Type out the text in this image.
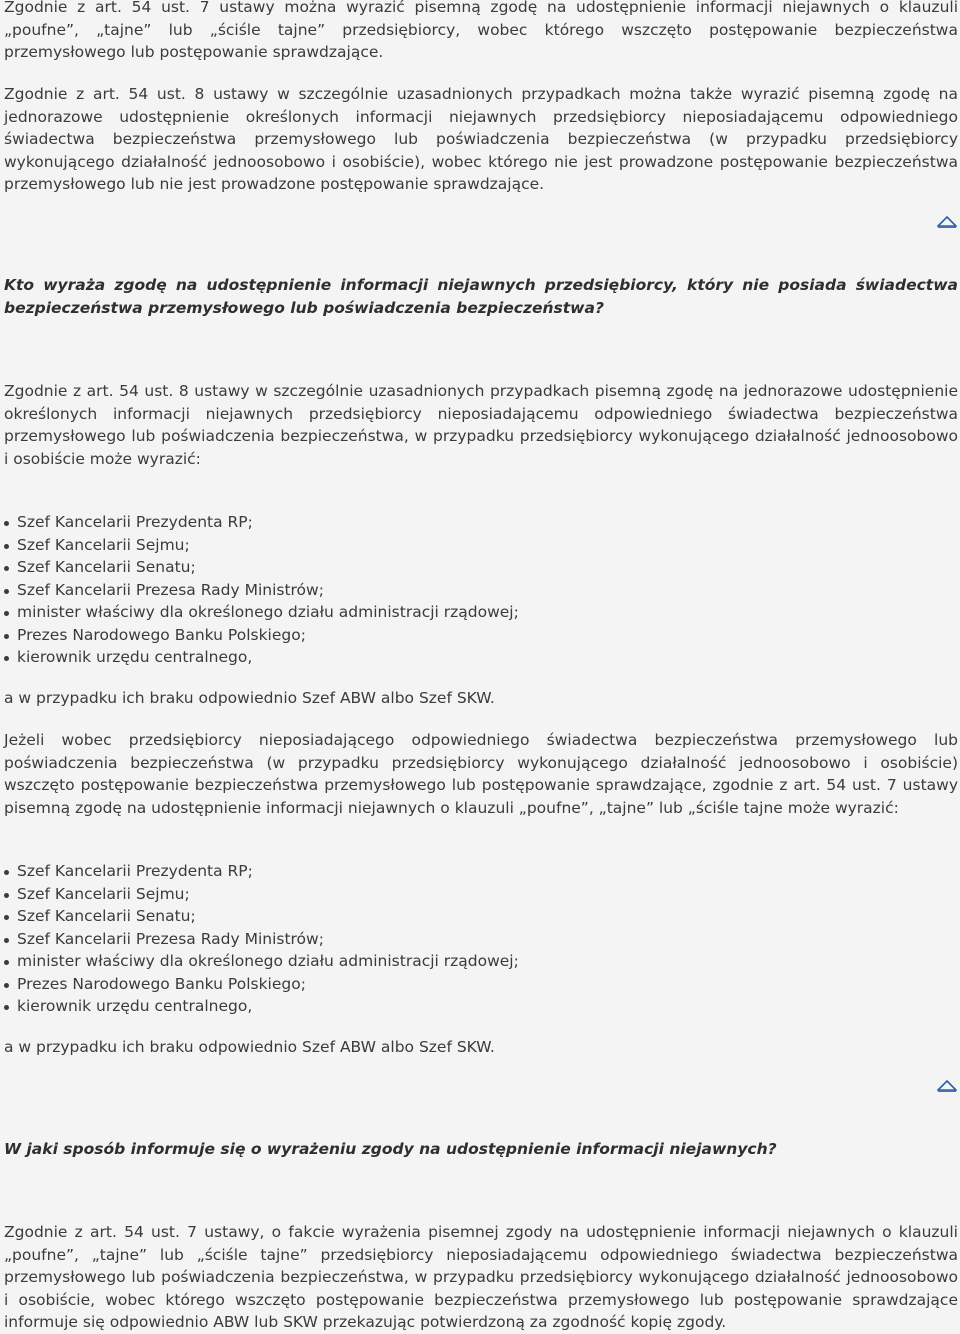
Zgodnie z art. 54 ust. 7 ustawy można wyrazić pisemną zgodę na udostępnienie informacji niejawnych o klauzuli „poufne”, „tajne” lub „ściśle tajne” przedsiębiorcy, wobec którego wszczęto postępowanie bezpieczeństwa przemysłowego lub postępowanie sprawdzające.

Zgodnie z art. 54 ust. 8 ustawy w szczególnie uzasadnionych przypadkach można także wyrazić pisemną zgodę na jednorazowe udostępnienie określonych informacji niejawnych przedsiębiorcy nieposiadającemu odpowiedniego świadectwa bezpieczeństwa przemysłowego lub poświadczenia bezpieczeństwa (w przypadku przedsiębiorcy wykonującego działalność jednoosobowo i osobiście), wobec którego nie jest prowadzone postępowanie bezpieczeństwa przemysłowego lub nie jest prowadzone postępowanie sprawdzające.

Kto wyraża zgodę na udostępnienie informacji niejawnych przedsiębiorcy, który nie posiada świadectwa bezpieczeństwa przemysłowego lub poświadczenia bezpieczeństwa?

Zgodnie z art. 54 ust. 8 ustawy w szczególnie uzasadnionych przypadkach pisemną zgodę na jednorazowe udostępnienie określonych informacji niejawnych przedsiębiorcy nieposiadającemu odpowiedniego świadectwa bezpieczeństwa przemysłowego lub poświadczenia bezpieczeństwa, w przypadku przedsiębiorcy wykonującego działalność jednoosobowo i osobiście może wyrazić:

Szef Kancelarii Prezydenta RP;
Szef Kancelarii Sejmu;
Szef Kancelarii Senatu;
Szef Kancelarii Prezesa Rady Ministrów;
minister właściwy dla określonego działu administracji rządowej;
Prezes Narodowego Banku Polskiego;
kierownik urzędu centralnego,

a w przypadku ich braku odpowiednio Szef ABW albo Szef SKW.

Jeżeli wobec przedsiębiorcy nieposiadającego odpowiedniego świadectwa bezpieczeństwa przemysłowego lub poświadczenia bezpieczeństwa (w przypadku przedsiębiorcy wykonującego działalność jednoosobowo i osobiście) wszczęto postępowanie bezpieczeństwa przemysłowego lub postępowanie sprawdzające, zgodnie z art. 54 ust. 7 ustawy pisemną zgodę na udostępnienie informacji niejawnych o klauzuli „poufne”, „tajne” lub „ściśle tajne może wyrazić:

Szef Kancelarii Prezydenta RP;
Szef Kancelarii Sejmu;
Szef Kancelarii Senatu;
Szef Kancelarii Prezesa Rady Ministrów;
minister właściwy dla określonego działu administracji rządowej;
Prezes Narodowego Banku Polskiego;
kierownik urzędu centralnego,

a w przypadku ich braku odpowiednio Szef ABW albo Szef SKW.

W jaki sposób informuje się o wyrażeniu zgody na udostępnienie informacji niejawnych?

Zgodnie z art. 54 ust. 7 ustawy, o fakcie wyrażenia pisemnej zgody na udostępnienie informacji niejawnych o klauzuli „poufne”, „tajne” lub „ściśle tajne” przedsiębiorcy nieposiadającemu odpowiedniego świadectwa bezpieczeństwa przemysłowego lub poświadczenia bezpieczeństwa, w przypadku przedsiębiorcy wykonującego działalność jednoosobowo i osobiście, wobec którego wszczęto postępowanie bezpieczeństwa przemysłowego lub postępowanie sprawdzające informuje się odpowiednio ABW lub SKW przekazując potwierdzoną za zgodność kopię zgody.
